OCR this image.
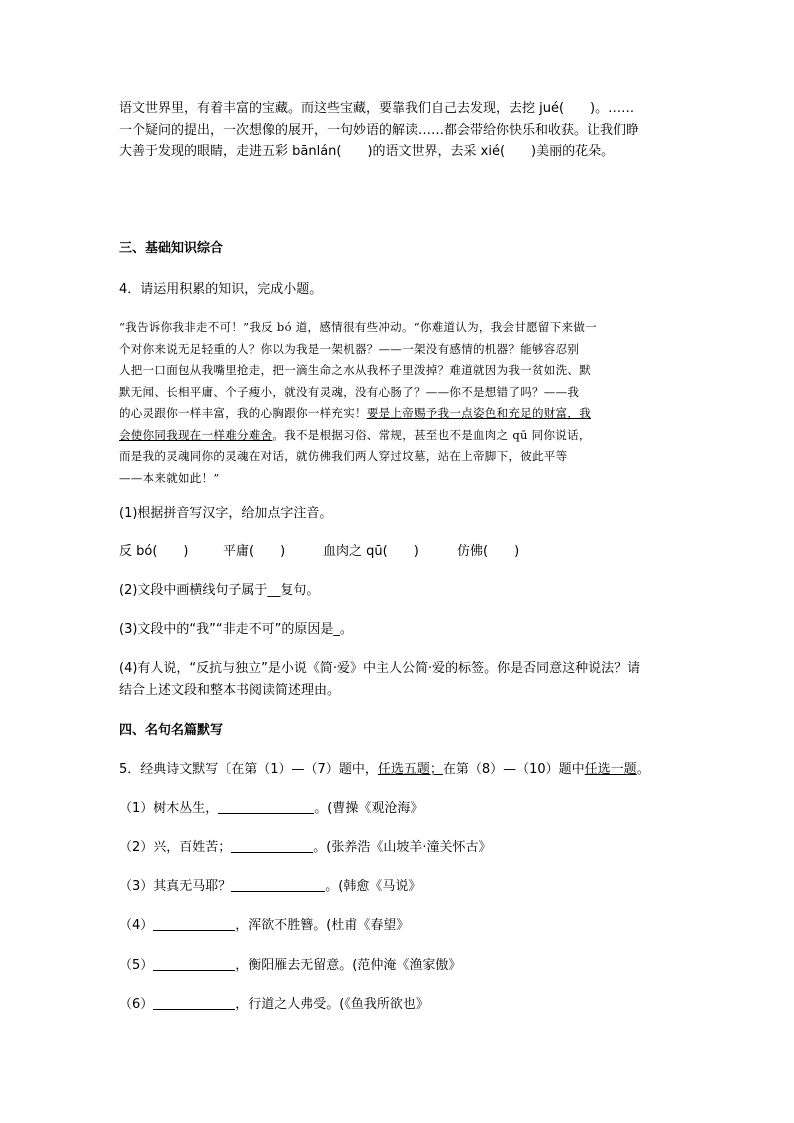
语文世界里，有着丰富的宝藏。而这些宝藏，要靠我们自己去发现，去挖 jué(　　)。……
一个疑问的提出，一次想像的展开，一句妙语的解读……都会带给你快乐和收获。让我们睁
大善于发现的眼睛，走进五彩 bānlán(　　)的语文世界，去采 xié(　　)美丽的花朵。
三、基础知识综合
4．请运用积累的知识，完成小题。
“我告诉你我非走不可！”我反 bó 道，感情很有些冲动。“你难道认为，我会甘愿留下来做一
个对你来说无足轻重的人？你以为我是一架机器？——一架没有感情的机器？能够容忍别
人把一口面包从我嘴里抢走，把一滴生命之水从我杯子里泼掉？难道就因为我一贫如洗、默
默无闻、长相平庸、个子瘦小，就没有灵魂，没有心肠了？——你不是想错了吗？——我
的心灵跟你一样丰富，我的心胸跟你一样充实！要是上帝赐予我一点姿色和充足的财富，我
会使你同我现在一样难分难舍。我不是根据习俗、常规，甚至也不是血肉之 qū 同你说话，
而是我的灵魂同你的灵魂在对话，就仿佛我们两人穿过坟墓，站在上帝脚下，彼此平等
——本来就如此！”
(1)根据拼音写汉字，给加点字注音。
反 bó(　　)	平庸(　　)	血肉之 qū(　　)	仿佛(　　)
(2)文段中画横线句子属于__复句。
(3)文段中的“我”“非走不可”的原因是_。
(4)有人说，“反抗与独立”是小说《简·爱》中主人公简·爱的标签。你是否同意这种说法？请
结合上述文段和整本书阅读简述理由。
四、名句名篇默写
5．经典诗文默写〔在第（1）—（7）题中，任选五题；在第（8）—（10）题中任选一题。
（1）树木丛生，	。(曹操《观沧海》
（2）兴，百姓苦；	。(张养浩《山坡羊·潼关怀古》
（3）其真无马耶？	。(韩愈《马说》
（4）	，浑欲不胜簪。(杜甫《春望》
（5）	，衡阳雁去无留意。(范仲淹《渔家傲》
（6）	，行道之人弗受。(《鱼我所欲也》
